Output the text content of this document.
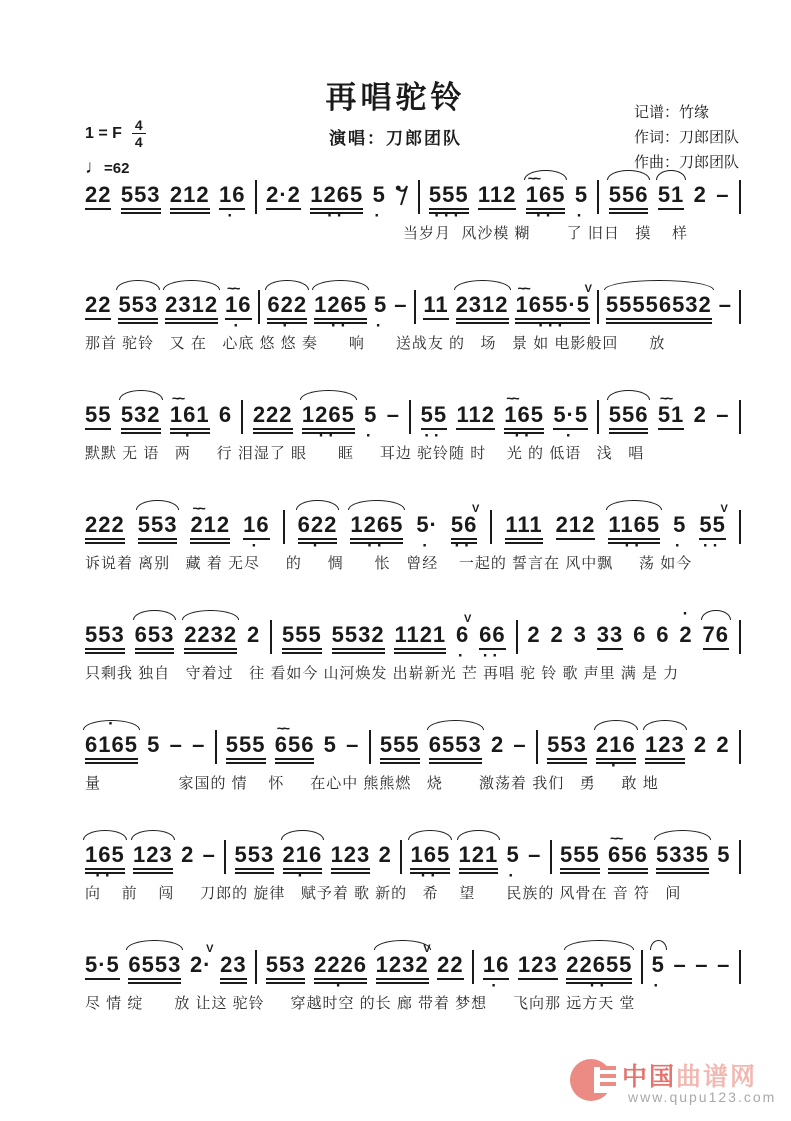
再唱驼铃
演唱：刀郎团队
记谱：竹缘
作词：刀郎团队
作曲：刀郎团队
1 = F $\frac{4}{4}$
♩=62
22 553 212 16
·
2·2 1265
··
5
·
555
···
112 165
~~
··
5
·
556 51 2 –
当岁月  风沙模 糊       了 旧日   摸    样
22 553 2312 16
~~
·
622
·
1265
··
5
·
– 11 2312 1655·5
~~	V
···
55556532 –
那首 驼铃   又 在   心底 悠 悠 奏      响      送战友 的   场   景 如 电影般回      放
55 532 161
~~
·
6 222 1265
··
5
·
– 55
··
112 165
~~
··
5·5
·
556 51
~~
2 –
默默 无 语   两     行 泪湿了 眼      眶     耳边 驼铃随 时    光 的 低语   浅   唱
222 553 212
~~
16
·
622
·
1265
··
5·
·
56
V
··
111 212 1165
··
5
·
55
V
··
诉说着 离别   藏 着 无尽     的     惆      怅   曾经    一起的 誓言在 风中飘     荡 如今
553 653 2232 2 555 5532 1121 6
V
·
66
··
2 2 3 33 6 6 2
·
76
只剩我 独自   守着过   往 看如今 山河焕发 出崭新光 芒 再唱 驼 铃 歌 声里 满 是 力
6165
·
5 – – 555 656
~~
5 – 555 6553 2 – 553 216
·
123 2 2
量               家国的 情    怀     在心中 熊熊燃   烧       激荡着 我们   勇     敢 地
165
··
123 2 – 553 216
·
123 2 165
··
121 5
·
– 555 656
~~
5335 5
向    前    闯     刀郎的 旋律   赋予着 歌 新的   希    望      民族的 风骨在 音 符   间
5·5 6553 2·
V
23 553 2226
·
1232
V
22 16
·
123 22655
··
5
·
– – –
尽 情 绽      放 让这 驼铃     穿越时空 的长 廊 带着 梦想     飞向那 远方天 堂
中国曲谱网
www.qupu123.com
